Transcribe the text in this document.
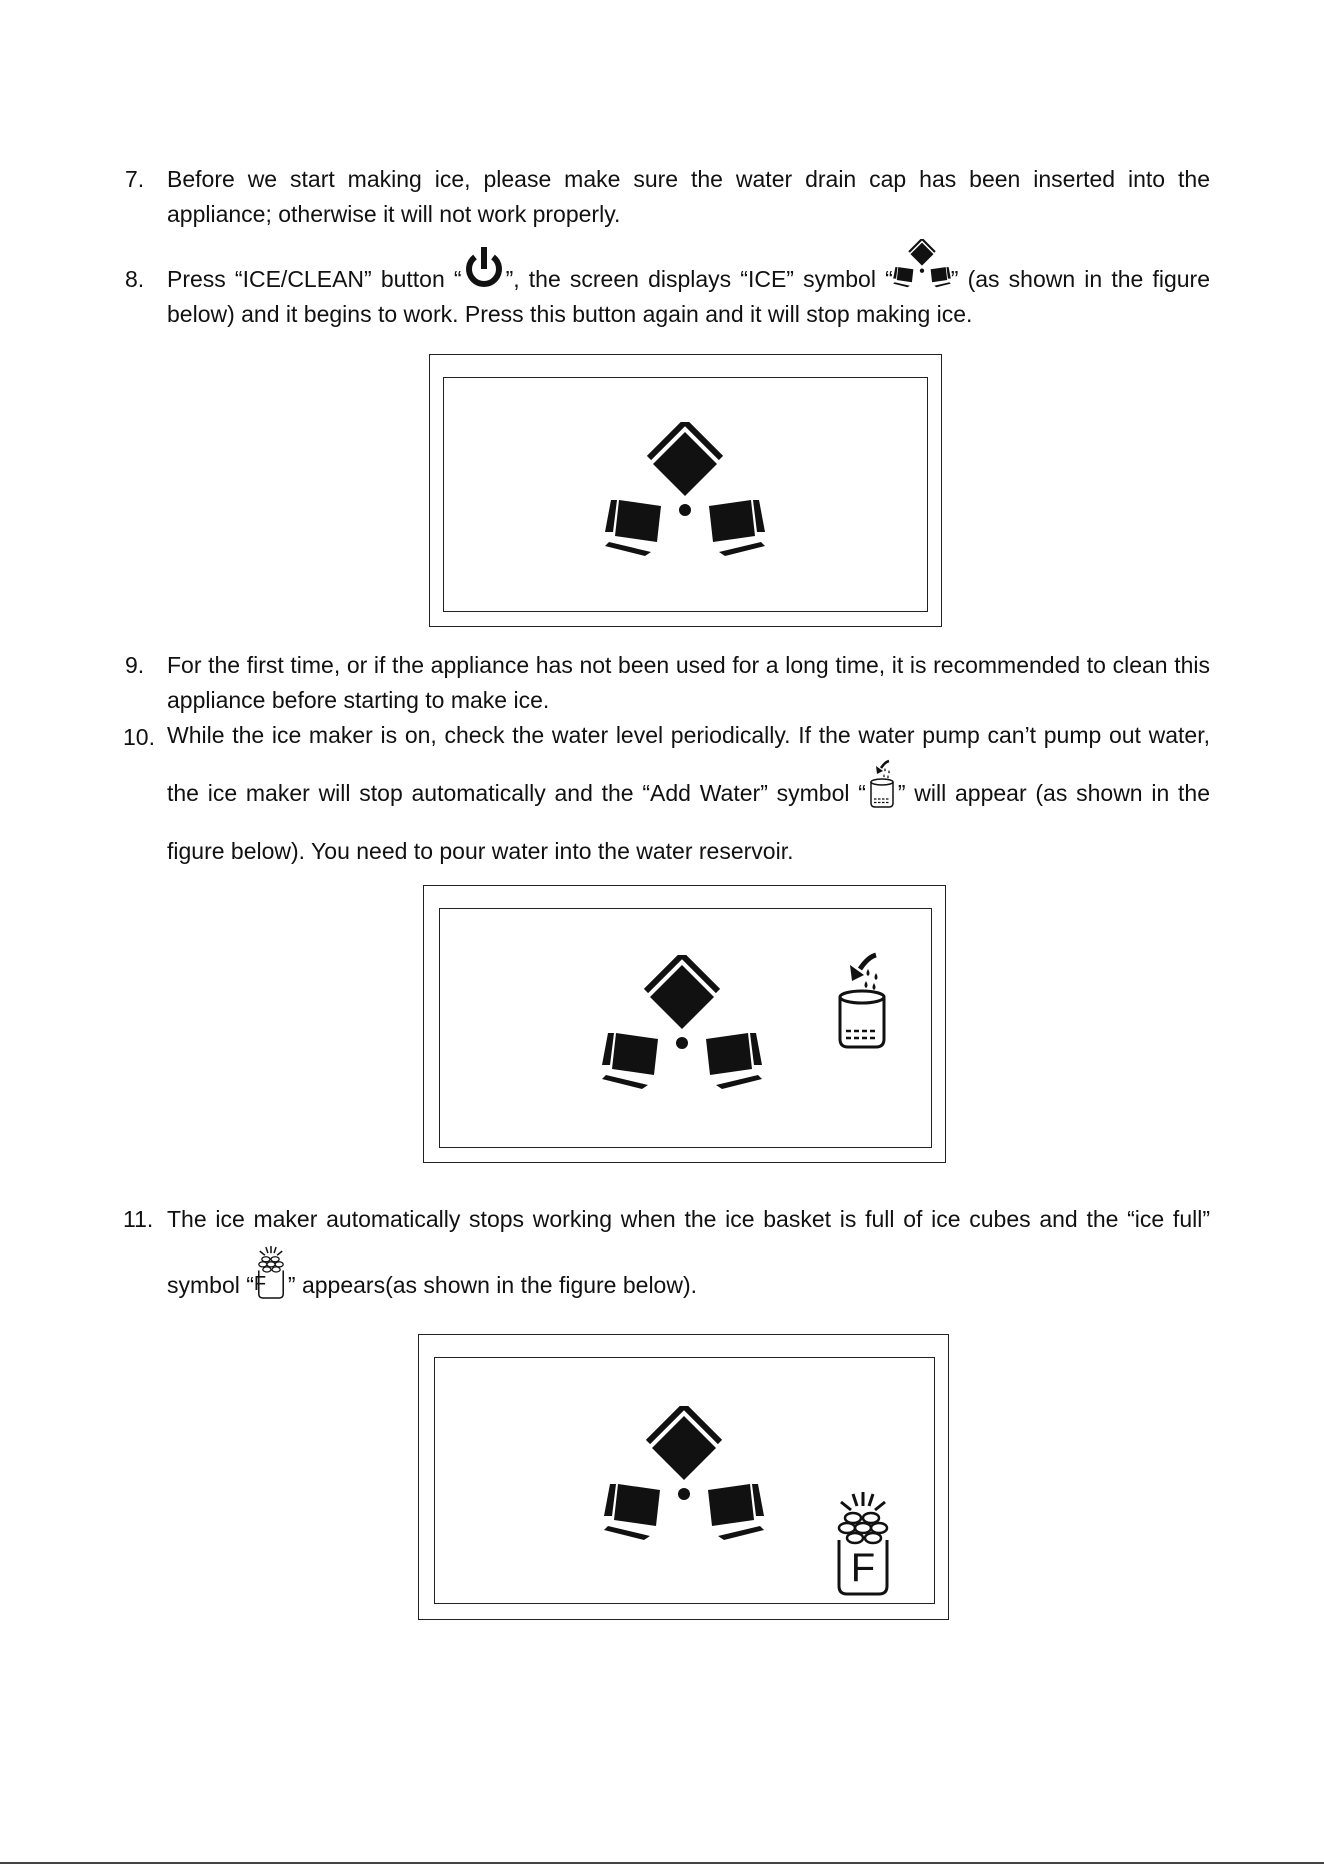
7. Before we start making ice, please make sure the water drain cap has been inserted into the appliance; otherwise it will not work properly.
8. Press “ICE/CLEAN” button “ ”, the screen displays “ICE” symbol “	” (as shown in the figure below) and it begins to work. Press this button again and it will stop making ice.
9. For the first time, or if the appliance has not been used for a long time, it is recommended to clean this appliance before starting to make ice.
10. While the ice maker is on, check the water level periodically. If the water pump can’t pump out water, the ice maker will stop automatically and the “Add Water” symbol “ ” will appear (as shown in the figure below). You need to pour water into the water reservoir.
11. The ice maker automatically stops working when the ice basket is full of ice cubes and the “ice full” symbol “ F ” appears(as shown in the figure below).
F
